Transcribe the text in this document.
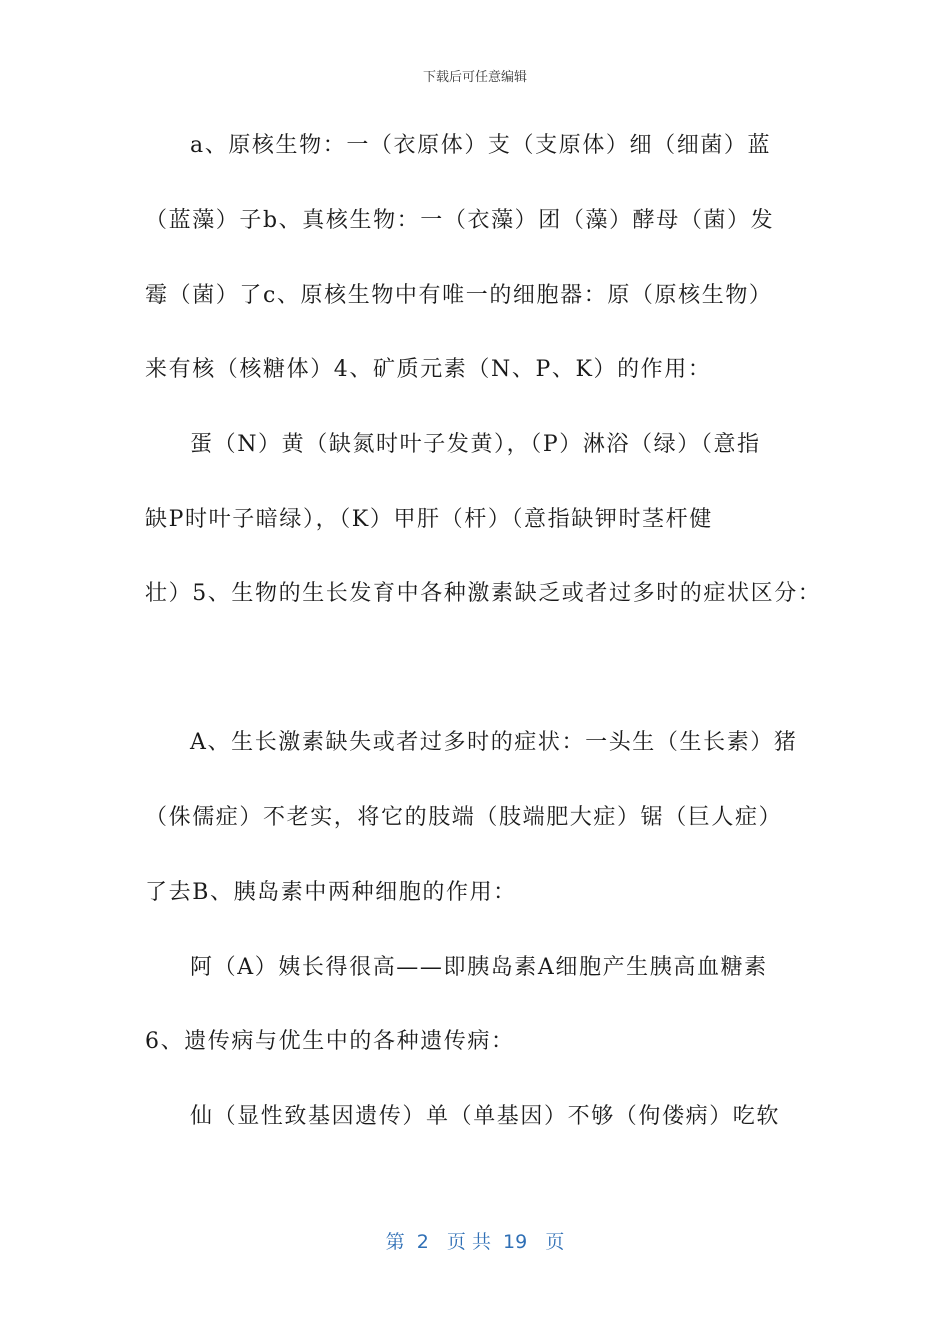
下载后可任意编辑
a、原核生物：一（衣原体）支（支原体）细（细菌）蓝
（蓝藻）子b、真核生物：一（衣藻）团（藻）酵母（菌）发
霉（菌）了c、原核生物中有唯一的细胞器：原（原核生物）
来有核（核糖体）4、矿质元素（N、P、K）的作用：
蛋（N）黄（缺氮时叶子发黄），（P）淋浴（绿）（意指
缺P时叶子暗绿），（K）甲肝（杆）（意指缺钾时茎杆健
壮）5、生物的生长发育中各种激素缺乏或者过多时的症状区分：
A、生长激素缺失或者过多时的症状：一头生（生长素）猪
（侏儒症）不老实，将它的肢端（肢端肥大症）锯（巨人症）
了去B、胰岛素中两种细胞的作用：
阿（A）姨长得很高——即胰岛素A细胞产生胰高血糖素
6、遗传病与优生中的各种遗传病：
仙（显性致基因遗传）单（单基因）不够（佝偻病）吃软
第  2   页 共  19   页
